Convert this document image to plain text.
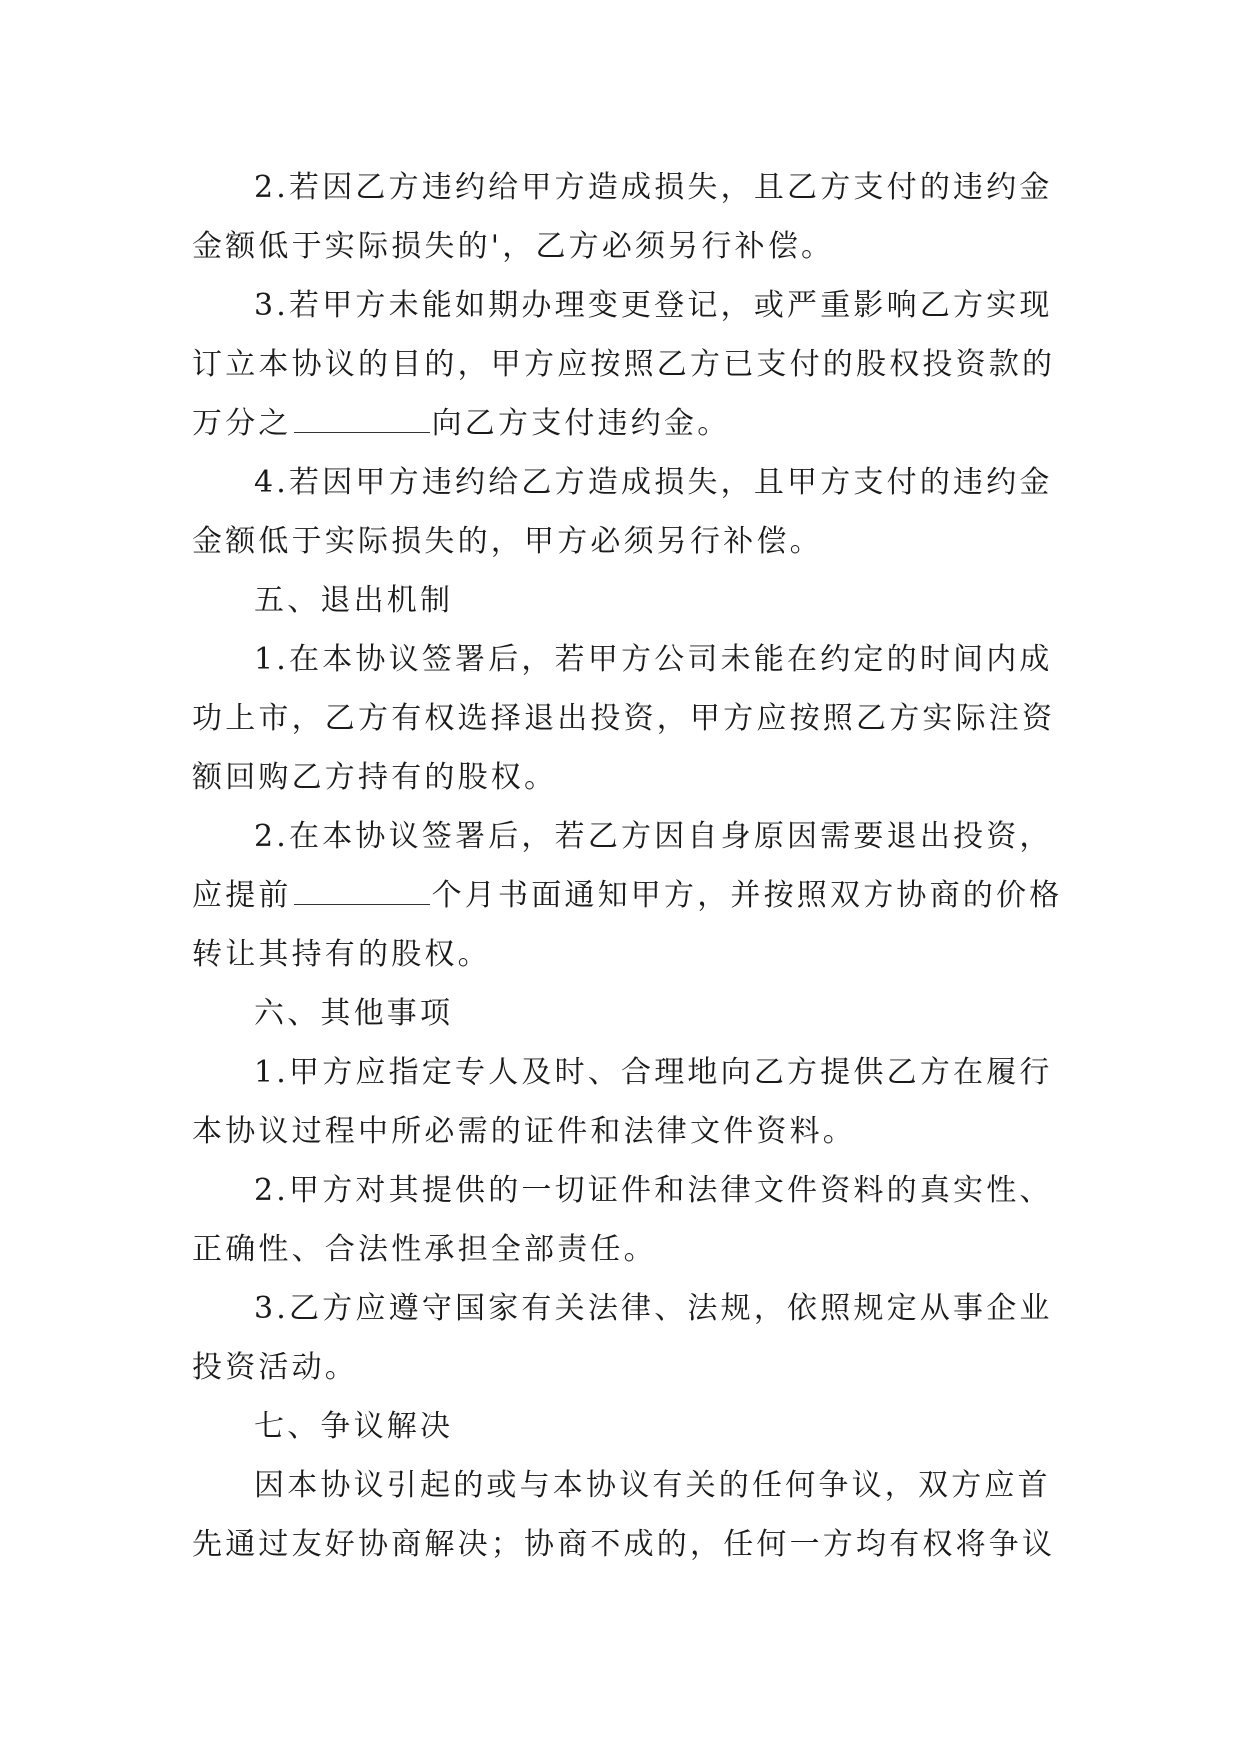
2.若因乙方违约给甲方造成损失，且乙方支付的违约金
金额低于实际损失的'，乙方必须另行补偿。
3.若甲方未能如期办理变更登记，或严重影响乙方实现
订立本协议的目的，甲方应按照乙方已支付的股权投资款的
万分之	向乙方支付违约金。
4.若因甲方违约给乙方造成损失，且甲方支付的违约金
金额低于实际损失的，甲方必须另行补偿。
五、退出机制
1.在本协议签署后，若甲方公司未能在约定的时间内成
功上市，乙方有权选择退出投资，甲方应按照乙方实际注资
额回购乙方持有的股权。
2.在本协议签署后，若乙方因自身原因需要退出投资，
应提前	个月书面通知甲方，并按照双方协商的价格
转让其持有的股权。
六、其他事项
1.甲方应指定专人及时、合理地向乙方提供乙方在履行
本协议过程中所必需的证件和法律文件资料。
2.甲方对其提供的一切证件和法律文件资料的真实性、
正确性、合法性承担全部责任。
3.乙方应遵守国家有关法律、法规，依照规定从事企业
投资活动。
七、争议解决
因本协议引起的或与本协议有关的任何争议，双方应首
先通过友好协商解决；协商不成的，任何一方均有权将争议
